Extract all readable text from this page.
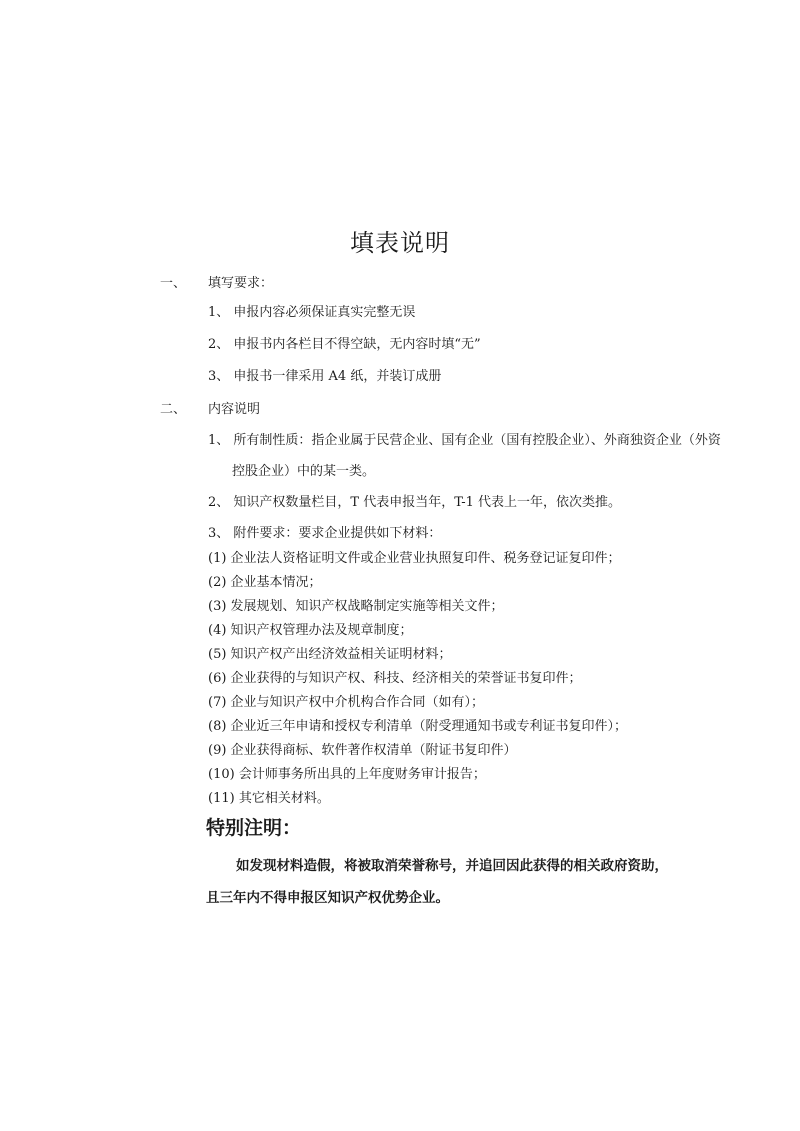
填表说明
一、 填写要求：
1、 申报内容必须保证真实完整无误
2、 申报书内各栏目不得空缺，无内容时填“无”
3、 申报书一律采用 A4 纸，并装订成册
二、 内容说明
1、 所有制性质：指企业属于民营企业、国有企业（国有控股企业）、外商独资企业（外资
控股企业）中的某一类。
2、 知识产权数量栏目，T 代表申报当年，T-1 代表上一年，依次类推。
3、 附件要求：要求企业提供如下材料：
(1) 企业法人资格证明文件或企业营业执照复印件、税务登记证复印件；
(2) 企业基本情况；
(3) 发展规划、知识产权战略制定实施等相关文件；
(4) 知识产权管理办法及规章制度；
(5) 知识产权产出经济效益相关证明材料；
(6) 企业获得的与知识产权、科技、经济相关的荣誉证书复印件；
(7) 企业与知识产权中介机构合作合同（如有）；
(8) 企业近三年申请和授权专利清单（附受理通知书或专利证书复印件）；
(9) 企业获得商标、软件著作权清单（附证书复印件）
(10) 会计师事务所出具的上年度财务审计报告；
(11) 其它相关材料。
特别注明：
如发现材料造假，将被取消荣誉称号，并追回因此获得的相关政府资助，
且三年内不得申报区知识产权优势企业。
